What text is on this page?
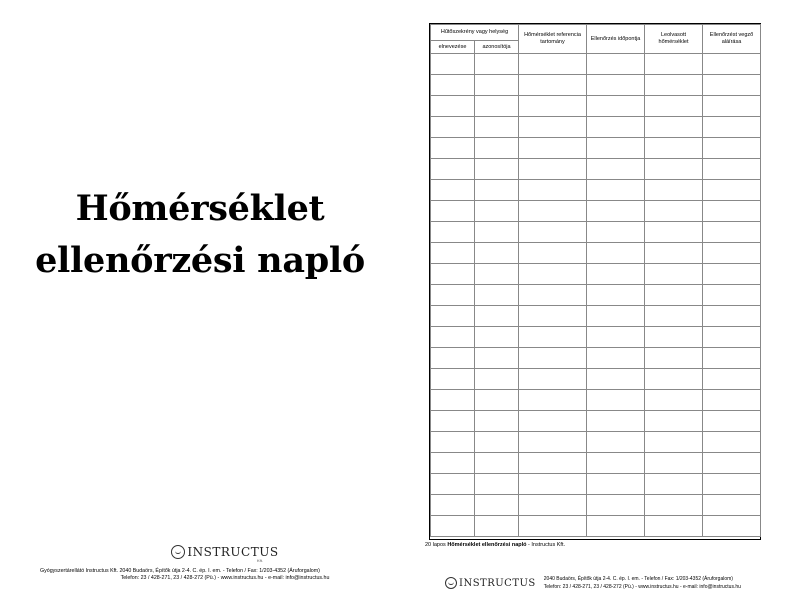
Hőmérséklet
ellenőrzési napló
INSTRUCTUS
Kft.
Gyógyszertárellátó Instructus Kft. 2040 Budaörs, Építők útja 2-4. C. ép. I. em. - Telefon / Fax: 1/203-4352 (Áruforgalom)
Telefon: 23 / 428-271, 23 / 428-272 (Pü.) - www.instructus.hu - e-mail: info@instructus.hu
Hűtőszekrény vagy helység		Hőmérséklet referencia tartomány	Ellenőrzés időpontja	Leolvasott hőmérséklet	Ellenőrzést vegző aláírása
elnevezése	azonosítója				

20 lapos Hőmérséklet ellenőrzési napló - Instructus Kft.
INSTRUCTUS 2040 Budaörs, Építők útja 2-4. C. ép. I. em. - Telefon / Fax: 1/203-4352 (Áruforgalom)
Telefon: 23 / 428-271, 23 / 428-272 (Pü.) - www.instructus.hu - e-mail: info@instructus.hu
